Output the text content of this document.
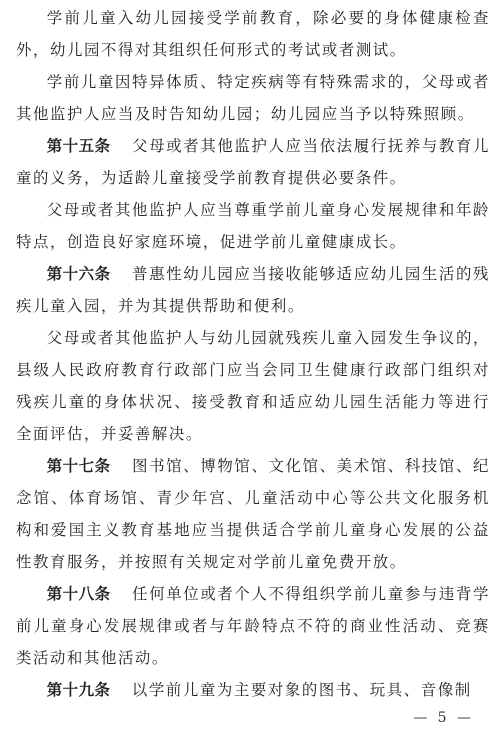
学前儿童入幼儿园接受学前教育，除必要的身体健康检查外，幼儿园不得对其组织任何形式的考试或者测试。

学前儿童因特异体质、特定疾病等有特殊需求的，父母或者其他监护人应当及时告知幼儿园；幼儿园应当予以特殊照顾。

第十五条 父母或者其他监护人应当依法履行抚养与教育儿童的义务，为适龄儿童接受学前教育提供必要条件。

父母或者其他监护人应当尊重学前儿童身心发展规律和年龄特点，创造良好家庭环境，促进学前儿童健康成长。

第十六条 普惠性幼儿园应当接收能够适应幼儿园生活的残疾儿童入园，并为其提供帮助和便利。

父母或者其他监护人与幼儿园就残疾儿童入园发生争议的，县级人民政府教育行政部门应当会同卫生健康行政部门组织对残疾儿童的身体状况、接受教育和适应幼儿园生活能力等进行全面评估，并妥善解决。

第十七条 图书馆、博物馆、文化馆、美术馆、科技馆、纪念馆、体育场馆、青少年宫、儿童活动中心等公共文化服务机构和爱国主义教育基地应当提供适合学前儿童身心发展的公益性教育服务，并按照有关规定对学前儿童免费开放。

第十八条 任何单位或者个人不得组织学前儿童参与违背学前儿童身心发展规律或者与年龄特点不符的商业性活动、竞赛类活动和其他活动。

第十九条 以学前儿童为主要对象的图书、玩具、音像制

— 5 —
